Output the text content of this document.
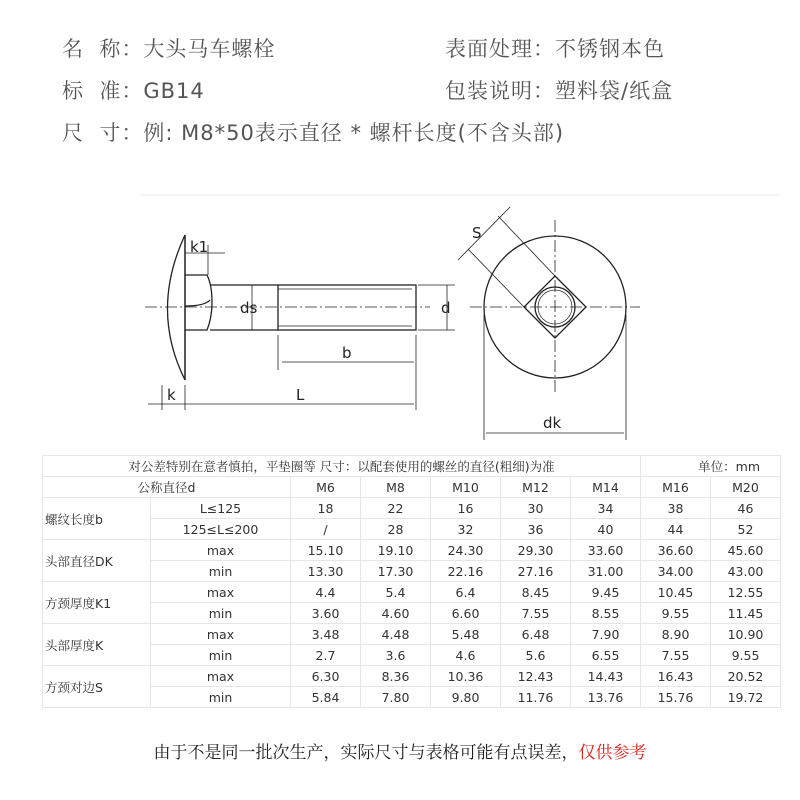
名  称：大头马车螺栓
标  准：GB14
尺  寸：例: M8*50表示直径 * 螺杆长度(不含头部)
表面处理：不锈钢本色
包装说明：塑料袋/纸盒
k1
ds	d
b
k	L
S
dk
对公差特别在意者慎拍，平垫圈等 尺寸：以配套使用的螺丝的直径(粗细)为准							单位：mm	
公称直径d		M6	M8	M10	M12	M14	M16	M20
螺纹长度b	L≤125	18	22	16	30	34	38	46
	125≤L≤200	/	28	32	36	40	44	52
头部直径DK	max	15.10	19.10	24.30	29.30	33.60	36.60	45.60
	min	13.30	17.30	22.16	27.16	31.00	34.00	43.00
方颈厚度K1	max	4.4	5.4	6.4	8.45	9.45	10.45	12.55
	min	3.60	4.60	6.60	7.55	8.55	9.55	11.45
头部厚度K	max	3.48	4.48	5.48	6.48	7.90	8.90	10.90
	min	2.7	3.6	4.6	5.6	6.55	7.55	9.55
方颈对边S	max	6.30	8.36	10.36	12.43	14.43	16.43	20.52
	min	5.84	7.80	9.80	11.76	13.76	15.76	19.72
由于不是同一批次生产，实际尺寸与表格可能有点误差，仅供参考
